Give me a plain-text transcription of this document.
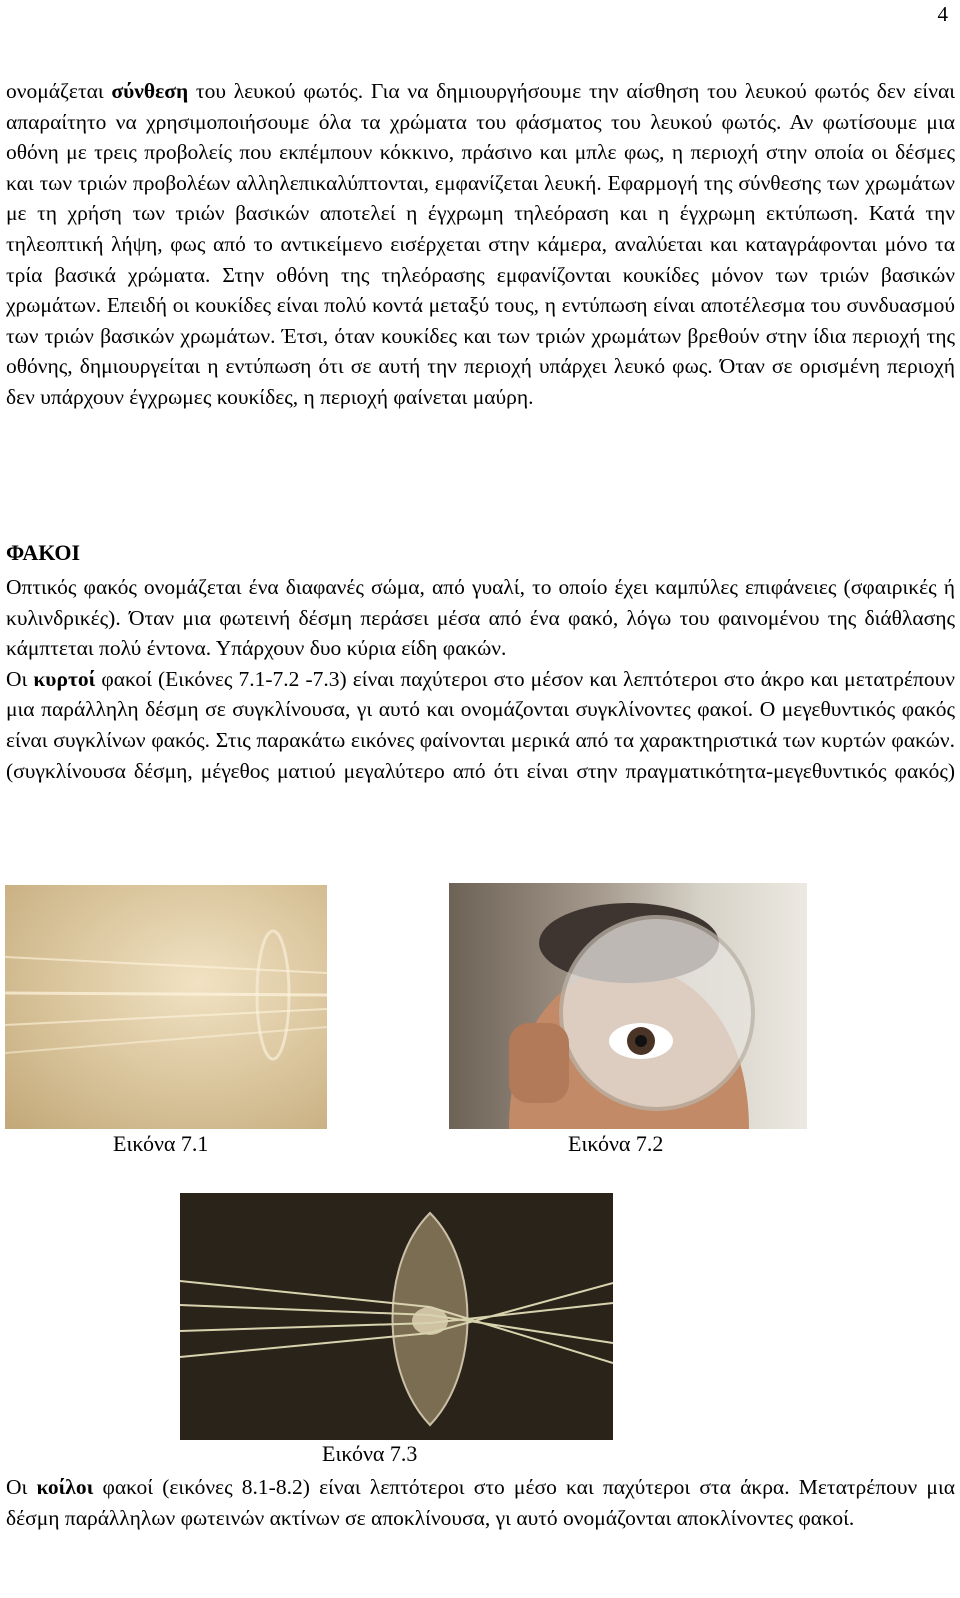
4

ονομάζεται σύνθεση του λευκού φωτός. Για να δημιουργήσουμε την αίσθηση του λευκού φωτός δεν είναι απαραίτητο να χρησιμοποιήσουμε όλα τα χρώματα του φάσματος του λευκού φωτός. Αν φωτίσουμε μια οθόνη με τρεις προβολείς που εκπέμπουν κόκκινο, πράσινο και μπλε φως, η περιοχή στην οποία οι δέσμες και των τριών προβολέων αλληλεπικαλύπτονται, εμφανίζεται λευκή. Εφαρμογή της σύνθεσης των χρωμάτων με τη χρήση των τριών βασικών αποτελεί η έγχρωμη τηλεόραση και η έγχρωμη εκτύπωση. Κατά την τηλεοπτική λήψη, φως από το αντικείμενο εισέρχεται στην κάμερα, αναλύεται και καταγράφονται μόνο τα τρία βασικά χρώματα. Στην οθόνη της τηλεόρασης εμφανίζονται κουκίδες μόνον των τριών βασικών χρωμάτων. Επειδή οι κουκίδες είναι πολύ κοντά μεταξύ τους, η εντύπωση είναι αποτέλεσμα του συνδυασμού των τριών βασικών χρωμάτων. Έτσι, όταν κουκίδες και των τριών χρωμάτων βρεθούν στην ίδια περιοχή της οθόνης, δημιουργείται η εντύπωση ότι σε αυτή την περιοχή υπάρχει λευκό φως. Όταν σε ορισμένη περιοχή δεν υπάρχουν έγχρωμες κουκίδες, η περιοχή φαίνεται μαύρη.

ΦΑΚΟΙ

Οπτικός φακός ονομάζεται ένα διαφανές σώμα, από γυαλί, το οποίο έχει καμπύλες επιφάνειες (σφαιρικές ή κυλινδρικές). Όταν μια φωτεινή δέσμη περάσει μέσα από ένα φακό, λόγω του φαινομένου της διάθλασης κάμπτεται πολύ έντονα. Υπάρχουν δυο κύρια είδη φακών.

Οι κυρτοί φακοί (Εικόνες 7.1-7.2 -7.3) είναι παχύτεροι στο μέσον και λεπτότεροι στο άκρο και μετατρέπουν μια παράλληλη δέσμη σε συγκλίνουσα, γι αυτό και ονομάζονται συγκλίνοντες φακοί. Ο μεγεθυντικός φακός είναι συγκλίνων φακός. Στις παρακάτω εικόνες φαίνονται μερικά από τα χαρακτηριστικά των κυρτών φακών. (συγκλίνουσα δέσμη, μέγεθος ματιού μεγαλύτερο από ότι είναι στην πραγματικότητα-μεγεθυντικός φακός)

Εικόνα 7.1	Εικόνα 7.2
Εικόνα 7.3

Οι κοίλοι φακοί (εικόνες 8.1-8.2) είναι λεπτότεροι στο μέσο και παχύτεροι στα άκρα. Μετατρέπουν μια δέσμη παράλληλων φωτεινών ακτίνων σε αποκλίνουσα, γι αυτό ονομάζονται αποκλίνοντες φακοί.
